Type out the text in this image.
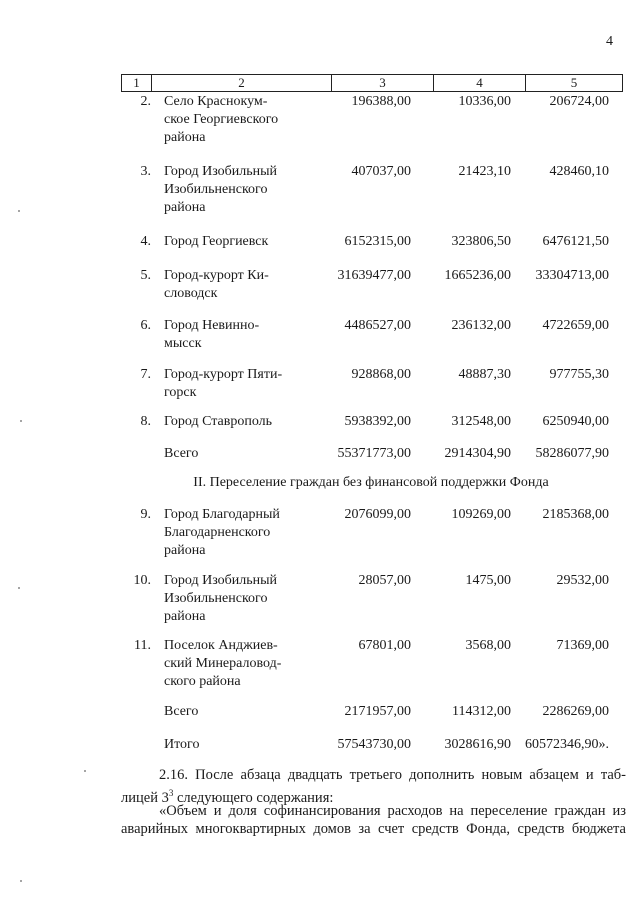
4
1	2	3	4	5
2. Село Краснокум-
ское Георгиевского
района
196388,00	10336,00	206724,00
3. Город Изобильный
Изобильненского
района
407037,00	21423,10	428460,10
4. Город Георгиевск	6152315,00	323806,50 6476121,50
5. Город-курорт Ки-
словодск
31639477,00 1665236,00 33304713,00
6. Город Невинно-
мысск
4486527,00	236132,00 4722659,00
7. Город-курорт Пяти-
горск
928868,00	48887,30	977755,30
8. Город Ставрополь	5938392,00	312548,00 6250940,00
Всего	55371773,00 2914304,90 58286077,90
II. Переселение граждан без финансовой поддержки Фонда
9. Город Благодарный
Благодарненского
района
2076099,00	109269,00 2185368,00
10. Город Изобильный
Изобильненского
района
28057,00	1475,00	29532,00
11. Поселок Анджиев-
ский Минераловод-
ского района
67801,00	3568,00	71369,00
Всего	2171957,00	114312,00 2286269,00
Итого	57543730,00 3028616,90 60572346,90».
2.16. После абзаца двадцать третьего дополнить новым абзацем и таб-
лицей $3^3$ следующего содержания:
«Объем и доля софинансирования расходов на переселение граждан из
аварийных многоквартирных домов за счет средств Фонда, средств бюджета
